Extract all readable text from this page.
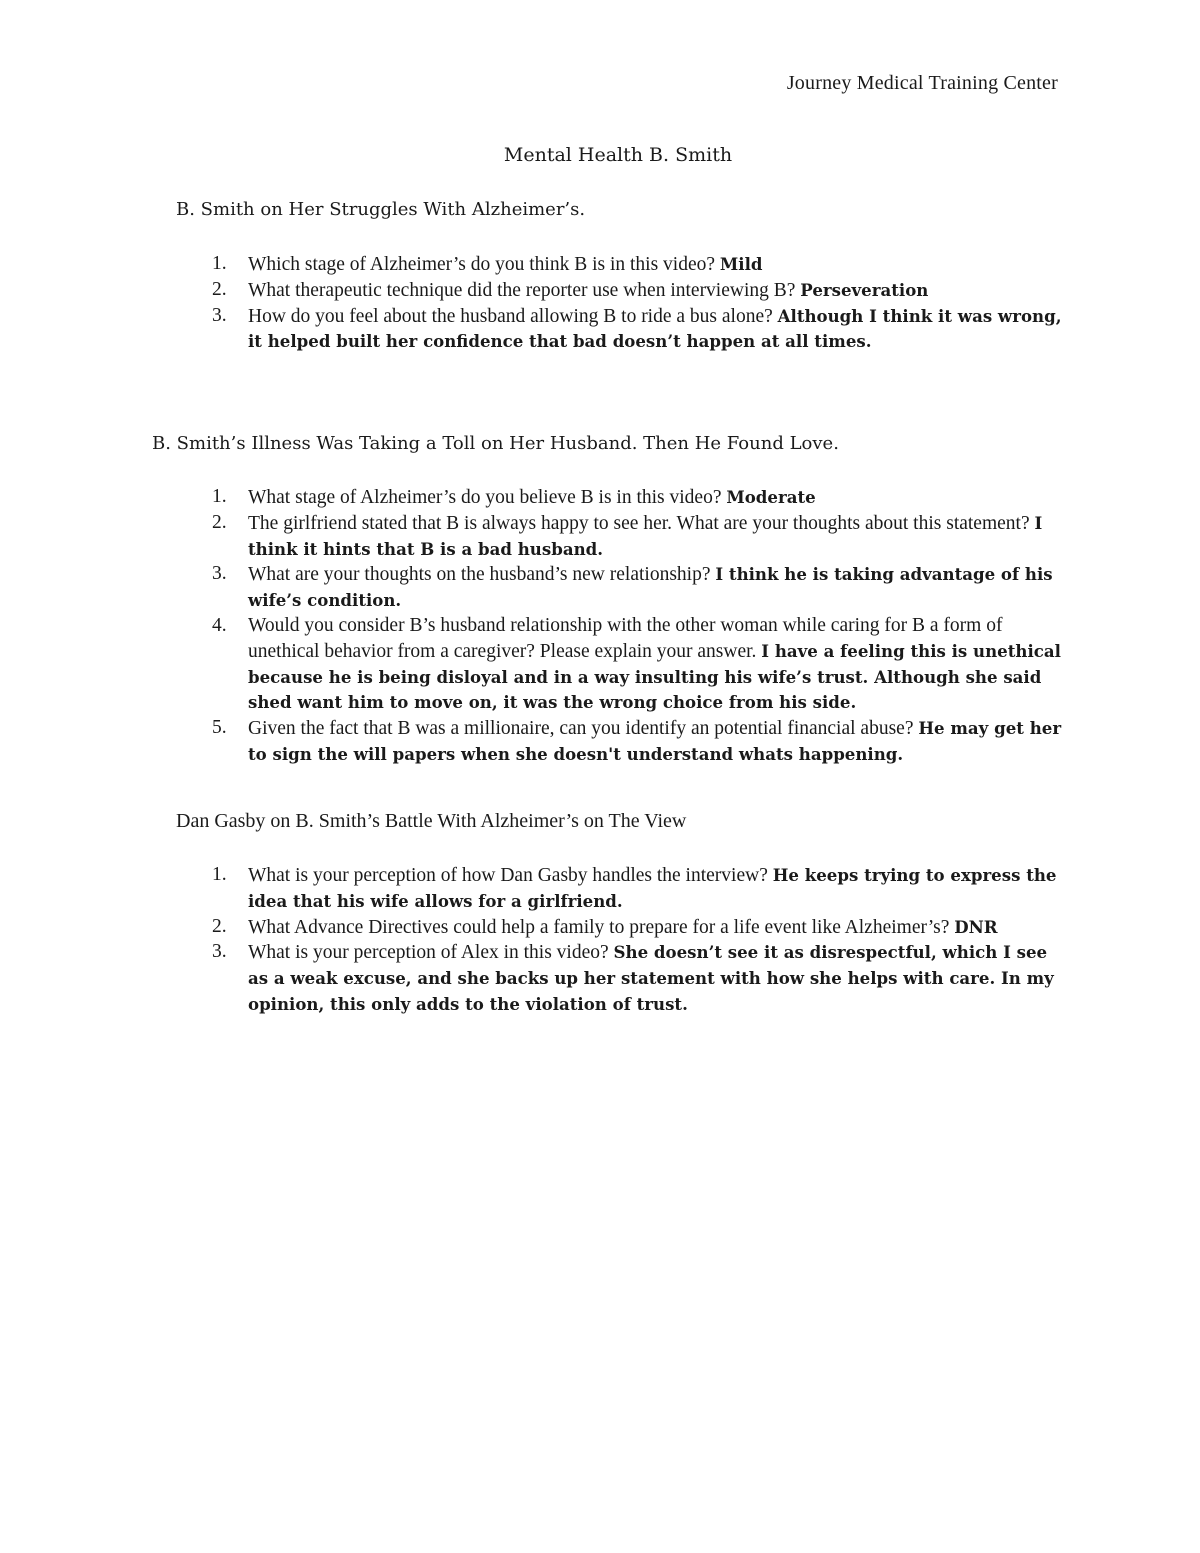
Journey Medical Training Center
Mental Health B. Smith
B. Smith on Her Struggles With Alzheimer’s.
1. Which stage of Alzheimer’s do you think B is in this video? Mild
2. What therapeutic technique did the reporter use when interviewing B? Perseveration
3. How do you feel about the husband allowing B to ride a bus alone? Although I think it was wrong, it helped built her confidence that bad doesn’t happen at all times.
B. Smith’s Illness Was Taking a Toll on Her Husband. Then He Found Love.
1. What stage of Alzheimer’s do you believe B is in this video? Moderate
2. The girlfriend stated that B is always happy to see her. What are your thoughts about this statement? I think it hints that B is a bad husband.
3. What are your thoughts on the husband’s new relationship? I think he is taking advantage of his wife’s condition.
4. Would you consider B’s husband relationship with the other woman while caring for B a form of unethical behavior from a caregiver? Please explain your answer. I have a feeling this is unethical because he is being disloyal and in a way insulting his wife’s trust. Although she said shed want him to move on, it was the wrong choice from his side.
5. Given the fact that B was a millionaire, can you identify an potential financial abuse? He may get her to sign the will papers when she doesn't understand whats happening.
Dan Gasby on B. Smith’s Battle With Alzheimer’s on The View
1. What is your perception of how Dan Gasby handles the interview? He keeps trying to express the idea that his wife allows for a girlfriend.
2. What Advance Directives could help a family to prepare for a life event like Alzheimer’s? DNR
3. What is your perception of Alex in this video? She doesn’t see it as disrespectful, which I see as a weak excuse, and she backs up her statement with how she helps with care. In my opinion, this only adds to the violation of trust.
